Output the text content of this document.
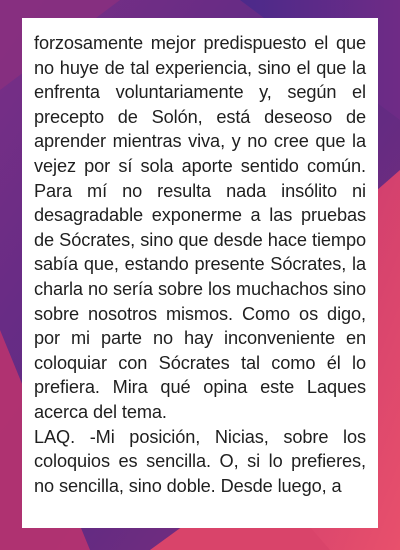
forzosamente mejor predispuesto el que no huye de tal experiencia, sino el que la enfrenta voluntariamente y, según el precepto de Solón, está deseoso de aprender mientras viva, y no cree que la vejez por sí sola aporte sentido común. Para mí no resulta nada insólito ni desagradable exponerme a las pruebas de Sócrates, sino que desde hace tiempo sabía que, estando presente Sócrates, la charla no sería sobre los muchachos sino sobre nosotros mismos. Como os digo, por mi parte no hay inconveniente en coloquiar con Sócrates tal como él lo prefiera. Mira qué opina este Laques acerca del tema.

LAQ. -Mi posición, Nicias, sobre los coloquios es sencilla. O, si lo prefieres, no sencilla, sino doble. Desde luego, a
